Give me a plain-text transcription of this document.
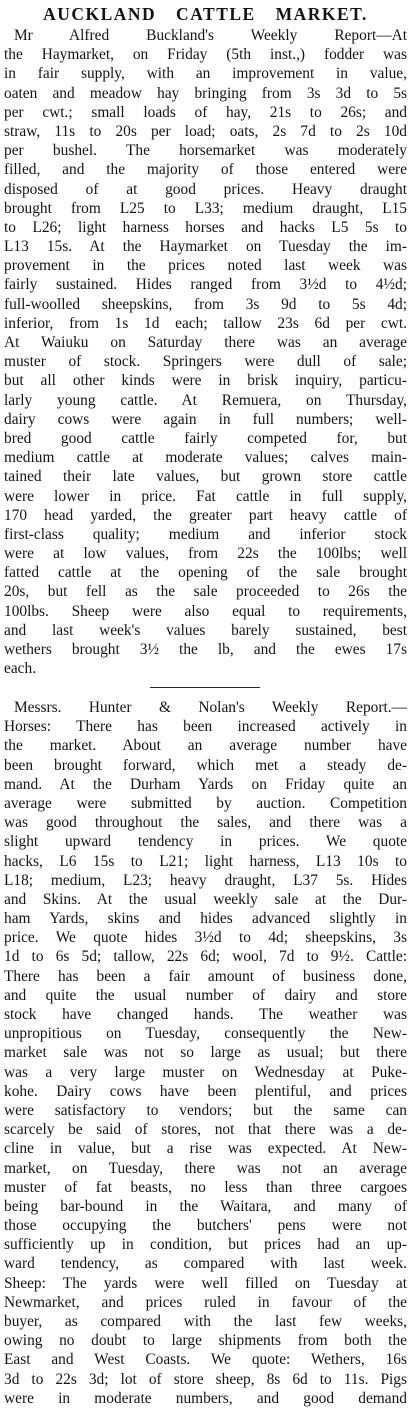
AUCKLAND CATTLE MARKET.
Mr Alfred Buckland's Weekly Report—At
the Haymarket, on Friday (5th inst.,) fodder was
in fair supply, with an improvement in value,
oaten and meadow hay bringing from 3s 3d to 5s
per cwt.; small loads of hay, 21s to 26s; and
straw, 11s to 20s per load; oats, 2s 7d to 2s 10d
per bushel. The horsemarket was moderately
filled, and the majority of those entered were
disposed of at good prices. Heavy draught
brought from L25 to L33; medium draught, L15
to L26; light harness horses and hacks L5 5s to
L13 15s. At the Haymarket on Tuesday the im-
provement in the prices noted last week was
fairly sustained. Hides ranged from 3½d to 4½d;
full-woolled sheepskins, from 3s 9d to 5s 4d;
inferior, from 1s 1d each; tallow 23s 6d per cwt.
At Waiuku on Saturday there was an average
muster of stock. Springers were dull of sale;
but all other kinds were in brisk inquiry, particu-
larly young cattle. At Remuera, on Thursday,
dairy cows were again in full numbers; well-
bred good cattle fairly competed for, but
medium cattle at moderate values; calves main-
tained their late values, but grown store cattle
were lower in price. Fat cattle in full supply,
170 head yarded, the greater part heavy cattle of
first-class quality; medium and inferior stock
were at low values, from 22s the 100lbs; well
fatted cattle at the opening of the sale brought
20s, but fell as the sale proceeded to 26s the
100lbs. Sheep were also equal to requirements,
and last week's values barely sustained, best
wethers brought 3½ the lb, and the ewes 17s
each.
Messrs. Hunter & Nolan's Weekly Report.—
Horses: There has been increased actively in
the market. About an average number have
been brought forward, which met a steady de-
mand. At the Durham Yards on Friday quite an
average were submitted by auction. Competition
was good throughout the sales, and there was a
slight upward tendency in prices. We quote
hacks, L6 15s to L21; light harness, L13 10s to
L18; medium, L23; heavy draught, L37 5s. Hides
and Skins. At the usual weekly sale at the Dur-
ham Yards, skins and hides advanced slightly in
price. We quote hides 3½d to 4d; sheepskins, 3s
1d to 6s 5d; tallow, 22s 6d; wool, 7d to 9½. Cattle:
There has been a fair amount of business done,
and quite the usual number of dairy and store
stock have changed hands. The weather was
unpropitious on Tuesday, consequently the New-
market sale was not so large as usual; but there
was a very large muster on Wednesday at Puke-
kohe. Dairy cows have been plentiful, and prices
were satisfactory to vendors; but the same can
scarcely be said of stores, not that there was a de-
cline in value, but a rise was expected. At New-
market, on Tuesday, there was not an average
muster of fat beasts, no less than three cargoes
being bar-bound in the Waitara, and many of
those occupying the butchers' pens were not
sufficiently up in condition, but prices had an up-
ward tendency, as compared with last week.
Sheep: The yards were well filled on Tuesday at
Newmarket, and prices ruled in favour of the
buyer, as compared with the last few weeks,
owing no doubt to large shipments from both the
East and West Coasts. We quote: Wethers, 16s
3d to 22s 3d; lot of store sheep, 8s 6d to 11s. Pigs
were in moderate numbers, and good demand
